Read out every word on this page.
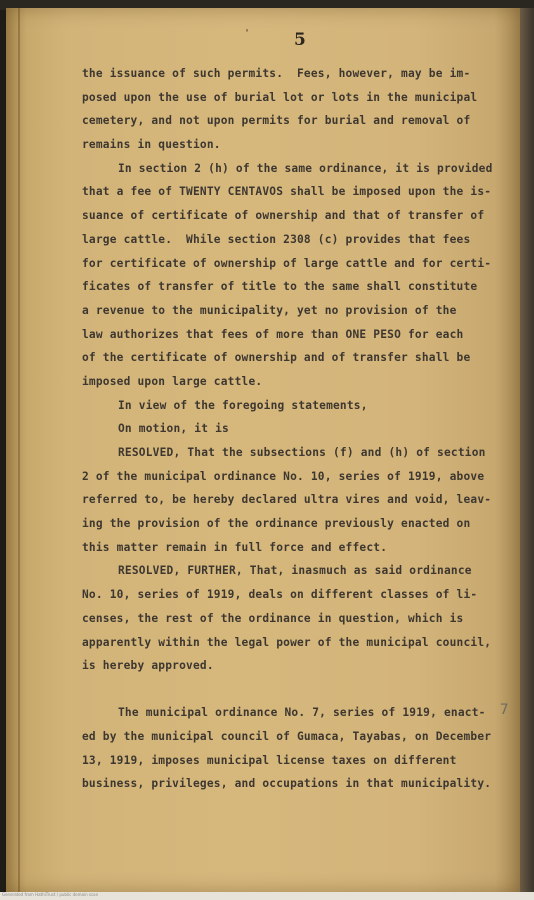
'	5

the issuance of such permits.  Fees, however, may be im-
posed upon the use of burial lot or lots in the municipal
cemetery, and not upon permits for burial and removal of
remains in question.
In section 2 (h) of the same ordinance, it is provided
that a fee of TWENTY CENTAVOS shall be imposed upon the is-
suance of certificate of ownership and that of transfer of
large cattle.  While section 2308 (c) provides that fees
for certificate of ownership of large cattle and for certi-
ficates of transfer of title to the same shall constitute
a revenue to the municipality, yet no provision of the
law authorizes that fees of more than ONE PESO for each
of the certificate of ownership and of transfer shall be
imposed upon large cattle.
In view of the foregoing statements,
On motion, it is
RESOLVED, That the subsections (f) and (h) of section
2 of the municipal ordinance No. 10, series of 1919, above
referred to, be hereby declared ultra vires and void, leav-
ing the provision of the ordinance previously enacted on
this matter remain in full force and effect.
RESOLVED, FURTHER, That, inasmuch as said ordinance
No. 10, series of 1919, deals on different classes of li-
censes, the rest of the ordinance in question, which is
apparently within the legal power of the municipal council,
is hereby approved.
The municipal ordinance No. 7, series of 1919, enact-
ed by the municipal council of Gumaca, Tayabas, on December
13, 1919, imposes municipal license taxes on different
business, privileges, and occupations in that municipality.
7
Generated from HathiTrust / public domain scan
